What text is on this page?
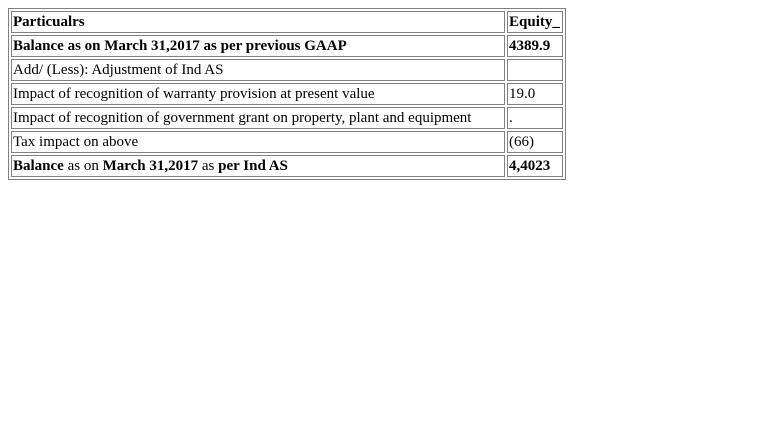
Particualrs	Equity_
Balance as on March 31,2017 as per previous GAAP	4389.9
Add/ (Less): Adjustment of Ind AS	
Impact of recognition of warranty provision at present value	19.0
Impact of recognition of government grant on property, plant and equipment	.
Tax impact on above	(66)
Balance as on March 31,2017 as per Ind AS	4,4023
